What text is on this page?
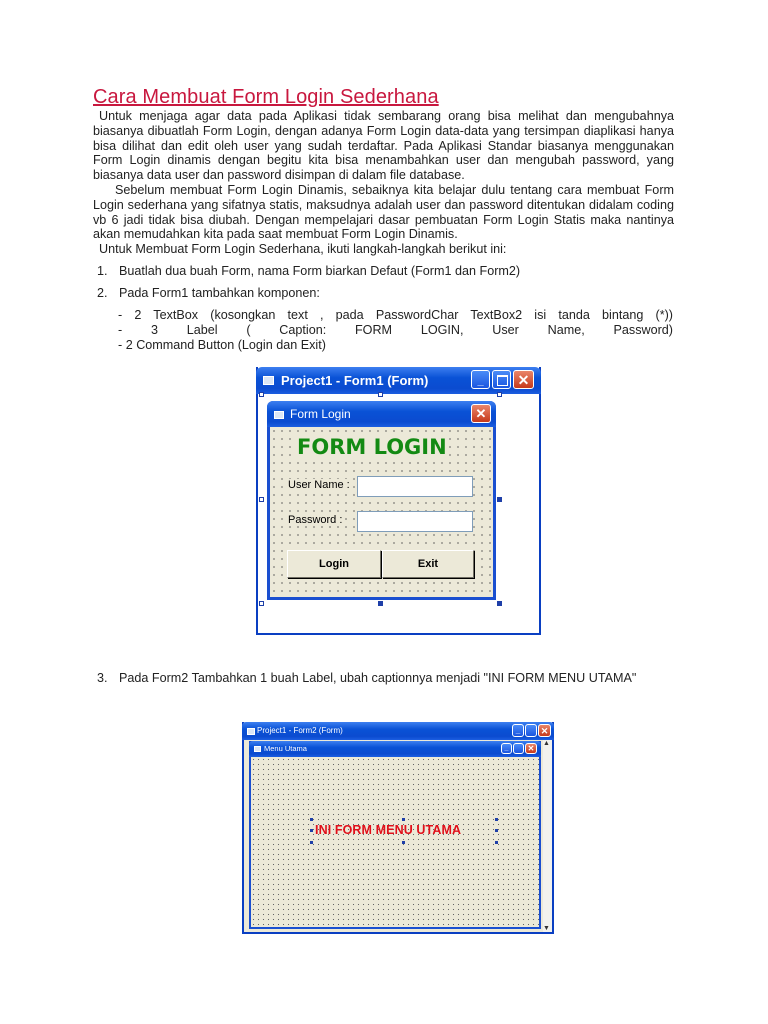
Cara Membuat Form Login Sederhana

Untuk menjaga agar data pada Aplikasi tidak sembarang orang bisa melihat dan mengubahnya biasanya dibuatlah Form Login, dengan adanya Form Login data-data yang tersimpan diaplikasi hanya bisa dilihat dan edit oleh user yang sudah terdaftar. Pada Aplikasi Standar biasanya menggunakan Form Login dinamis dengan begitu kita bisa menambahkan user dan mengubah password, yang biasanya data user dan password disimpan di dalam file database.

Sebelum membuat Form Login Dinamis, sebaiknya kita belajar dulu tentang cara membuat Form Login sederhana yang sifatnya statis, maksudnya adalah user dan password ditentukan didalam coding vb 6 jadi tidak bisa diubah. Dengan mempelajari dasar pembuatan Form Login Statis maka nantinya akan memudahkan kita pada saat membuat Form Login Dinamis.

Untuk Membuat Form Login Sederhana, ikuti langkah-langkah berikut ini:

1. Buatlah dua buah Form, nama Form biarkan Defaut (Form1 dan Form2)
2. Pada Form1 tambahkan komponen:
- 2 TextBox (kosongkan text , pada PasswordChar TextBox2 isi tanda bintang (*))
- 3 Label ( Caption: FORM LOGIN, User Name, Password)
- 2 Command Button (Login dan Exit)
Project1 - Form1 (Form)	_	✕
Form Login	✕
FORM LOGIN
User Name :
Password :
Login	Exit
3. Pada Form2 Tambahkan 1 buah Label, ubah captionnya menjadi "INI FORM MENU UTAMA"
Project1 - Form2 (Form)	_	✕
▲
▼
Menu Utama	_	✕
INI FORM MENU UTAMA
